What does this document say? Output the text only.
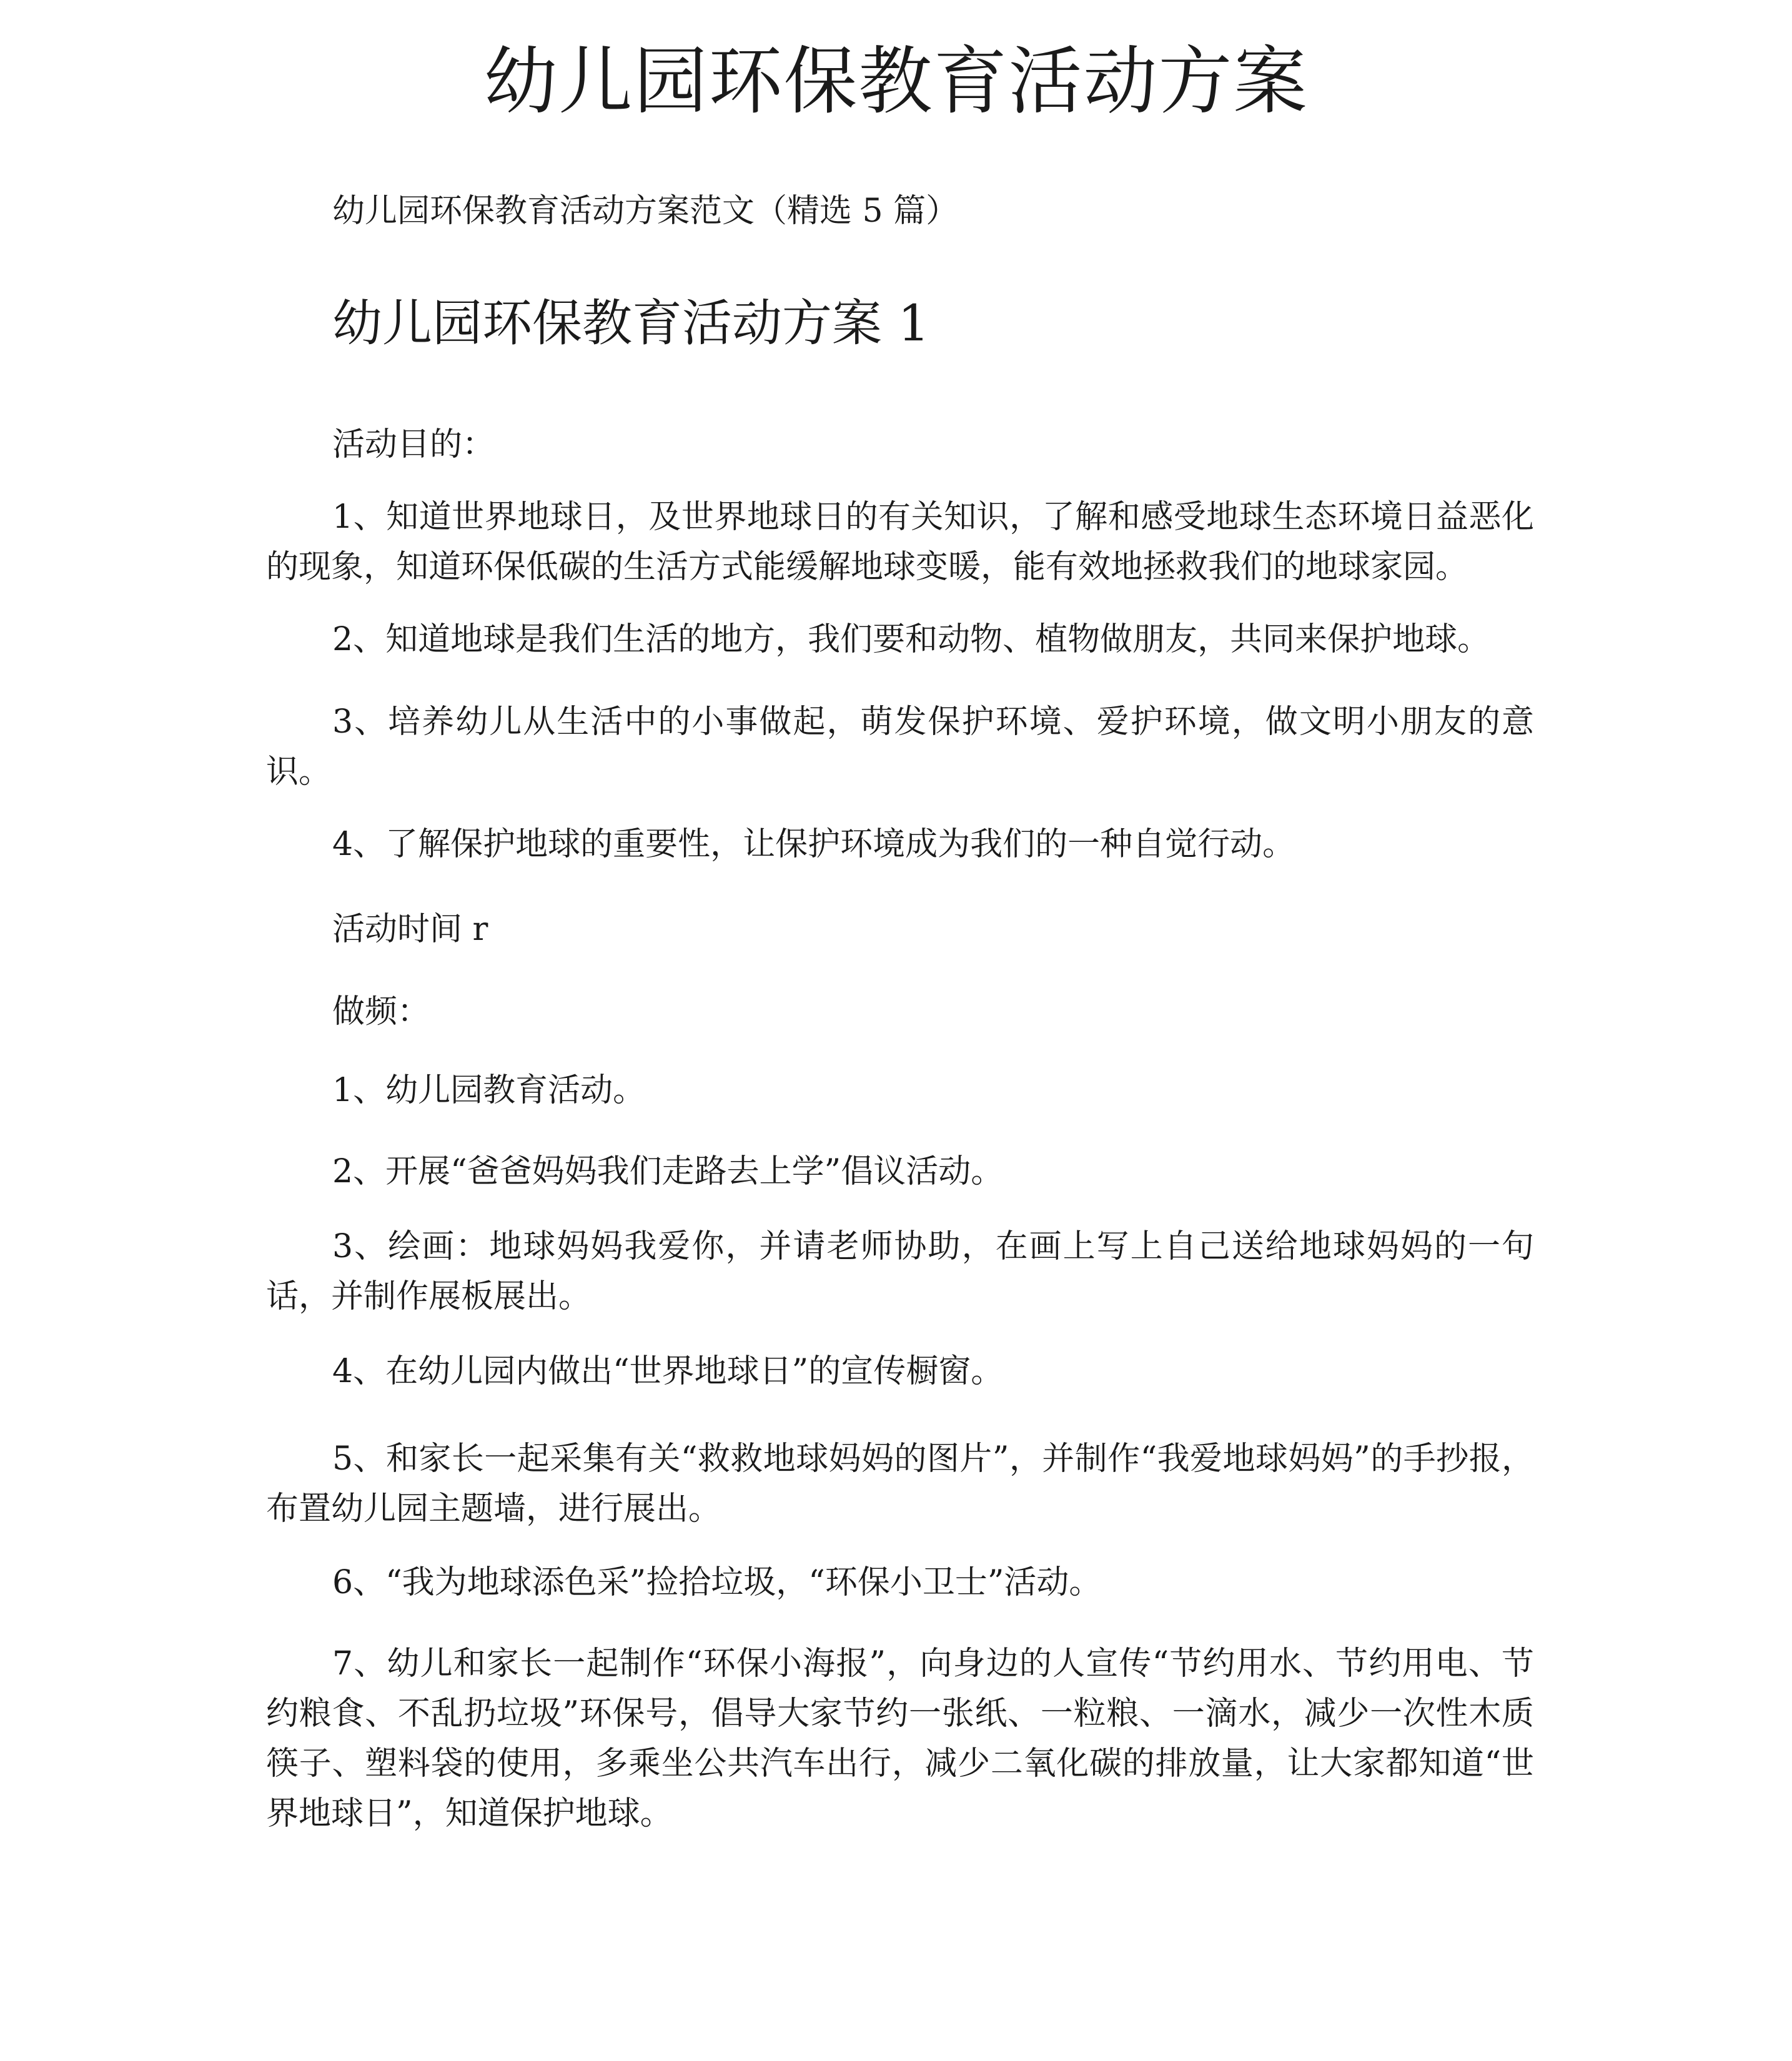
幼儿园环保教育活动方案

幼儿园环保教育活动方案范文（精选 5 篇）

幼儿园环保教育活动方案 1

活动目的：

1、知道世界地球日，及世界地球日的有关知识，了解和感受地球生态环境日益恶化的现象，知道环保低碳的生活方式能缓解地球变暖，能有效地拯救我们的地球家园。

2、知道地球是我们生活的地方，我们要和动物、植物做朋友，共同来保护地球。

3、培养幼儿从生活中的小事做起，萌发保护环境、爱护环境，做文明小朋友的意识。

4、了解保护地球的重要性，让保护环境成为我们的一种自觉行动。

活动时间 r

做频：

1、幼儿园教育活动。

2、开展“爸爸妈妈我们走路去上学”倡议活动。

3、绘画：地球妈妈我爱你，并请老师协助，在画上写上自己送给地球妈妈的一句话，并制作展板展出。

4、在幼儿园内做出“世界地球日”的宣传橱窗。

5、和家长一起采集有关“救救地球妈妈的图片”，并制作“我爱地球妈妈”的手抄报，布置幼儿园主题墙，进行展出。

6、“我为地球添色采”捡拾垃圾，“环保小卫士”活动。

7、幼儿和家长一起制作“环保小海报”，向身边的人宣传“节约用水、节约用电、节约粮食、不乱扔垃圾”环保号，倡导大家节约一张纸、一粒粮、一滴水，减少一次性木质筷子、塑料袋的使用，多乘坐公共汽车出行，减少二氧化碳的排放量，让大家都知道“世界地球日”，知道保护地球。
